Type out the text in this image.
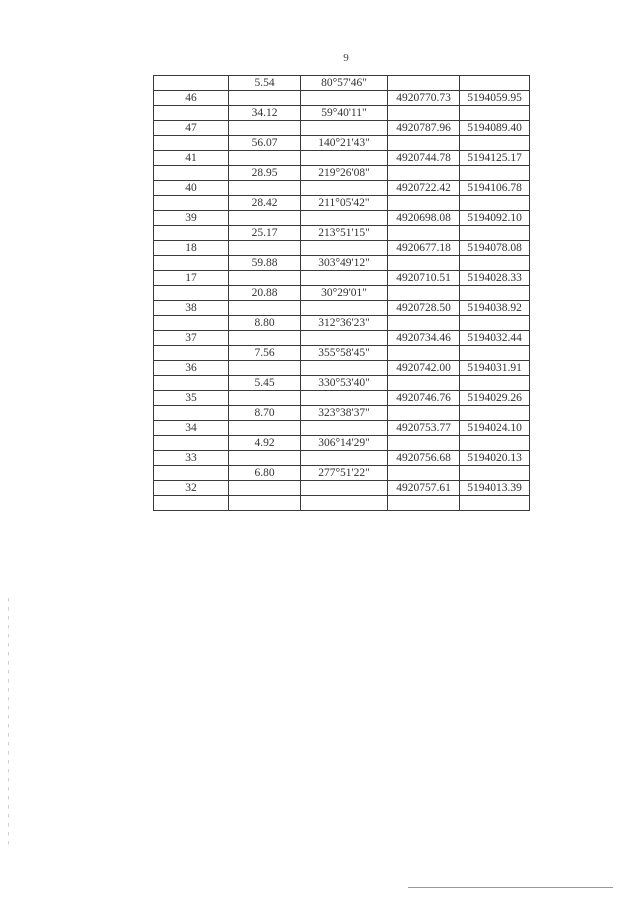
9
	5.54	80°57'46"		
46			4920770.73	5194059.95
	34.12	59°40'11"		
47			4920787.96	5194089.40
	56.07	140°21'43"		
41			4920744.78	5194125.17
	28.95	219°26'08"		
40			4920722.42	5194106.78
	28.42	211°05'42"		
39			4920698.08	5194092.10
	25.17	213°51'15"		
18			4920677.18	5194078.08
	59.88	303°49'12"		
17			4920710.51	5194028.33
	20.88	30°29'01"		
38			4920728.50	5194038.92
	8.80	312°36'23"		
37			4920734.46	5194032.44
	7.56	355°58'45"		
36			4920742.00	5194031.91
	5.45	330°53'40"		
35			4920746.76	5194029.26
	8.70	323°38'37"		
34			4920753.77	5194024.10
	4.92	306°14'29"		
33			4920756.68	5194020.13
	6.80	277°51'22"		
32			4920757.61	5194013.39
